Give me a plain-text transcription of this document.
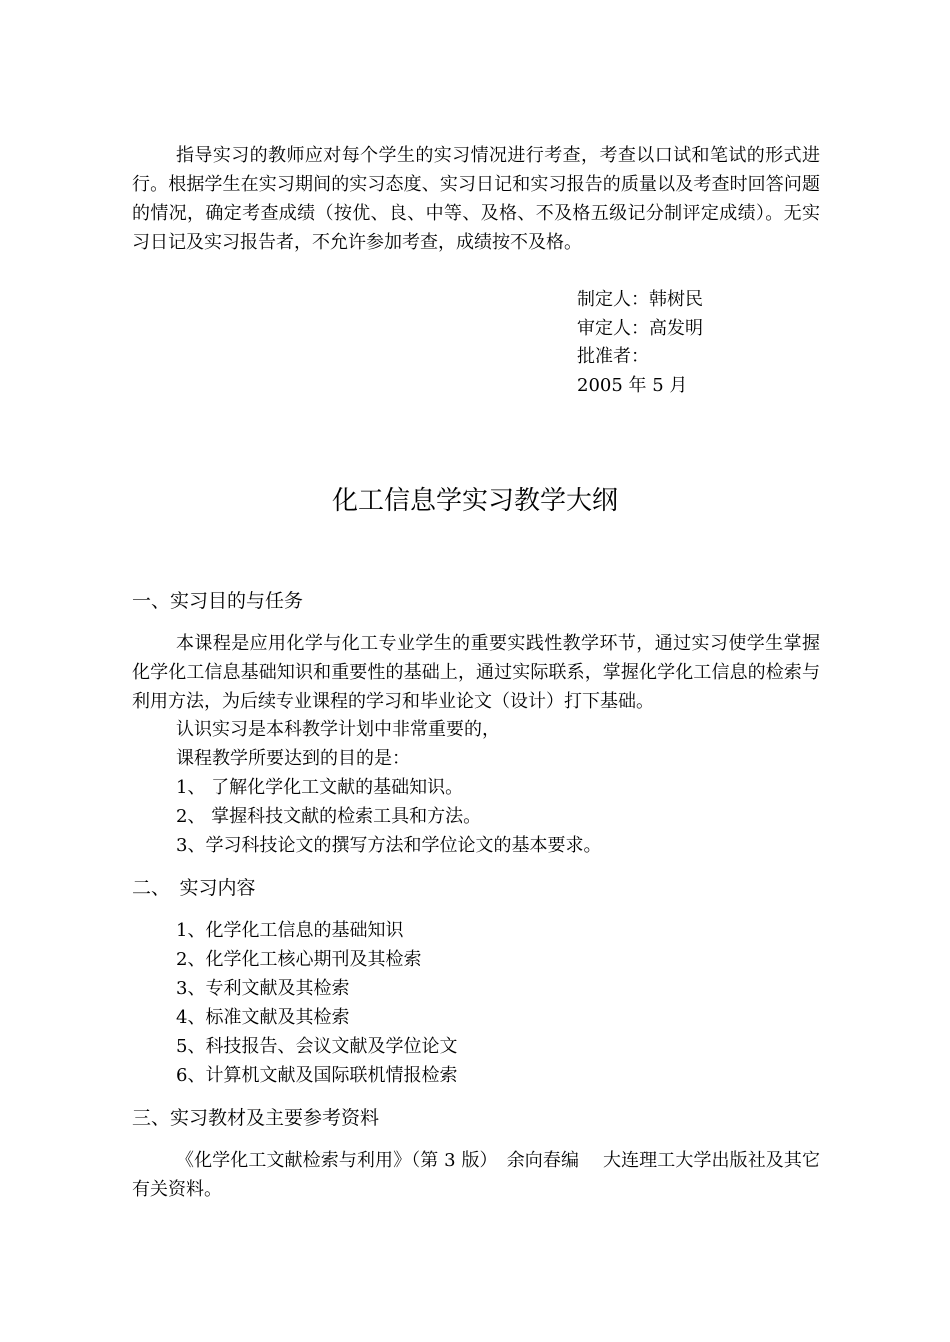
指导实习的教师应对每个学生的实习情况进行考查，考查以口试和笔试的形式进行。根据学生在实习期间的实习态度、实习日记和实习报告的质量以及考查时回答问题的情况，确定考查成绩（按优、良、中等、及格、不及格五级记分制评定成绩）。无实习日记及实习报告者，不允许参加考查，成绩按不及格。

制定人：韩树民
审定人：高发明
批准者：
2005 年 5 月
化工信息学实习教学大纲
一、实习目的与任务

本课程是应用化学与化工专业学生的重要实践性教学环节，通过实习使学生掌握化学化工信息基础知识和重要性的基础上，通过实际联系，掌握化学化工信息的检索与利用方法，为后续专业课程的学习和毕业论文（设计）打下基础。

认识实习是本科教学计划中非常重要的，
课程教学所要达到的目的是：
1、 了解化学化工文献的基础知识。
2、 掌握科技文献的检索工具和方法。
3、学习科技论文的撰写方法和学位论文的基本要求。
二、　实习内容
1、化学化工信息的基础知识
2、化学化工核心期刊及其检索
3、专利文献及其检索
4、标准文献及其检索
5、科技报告、会议文献及学位论文
6、计算机文献及国际联机情报检索
三、实习教材及主要参考资料

《化学化工文献检索与利用》（第 3 版）　余向春编　 大连理工大学出版社及其它有关资料。
